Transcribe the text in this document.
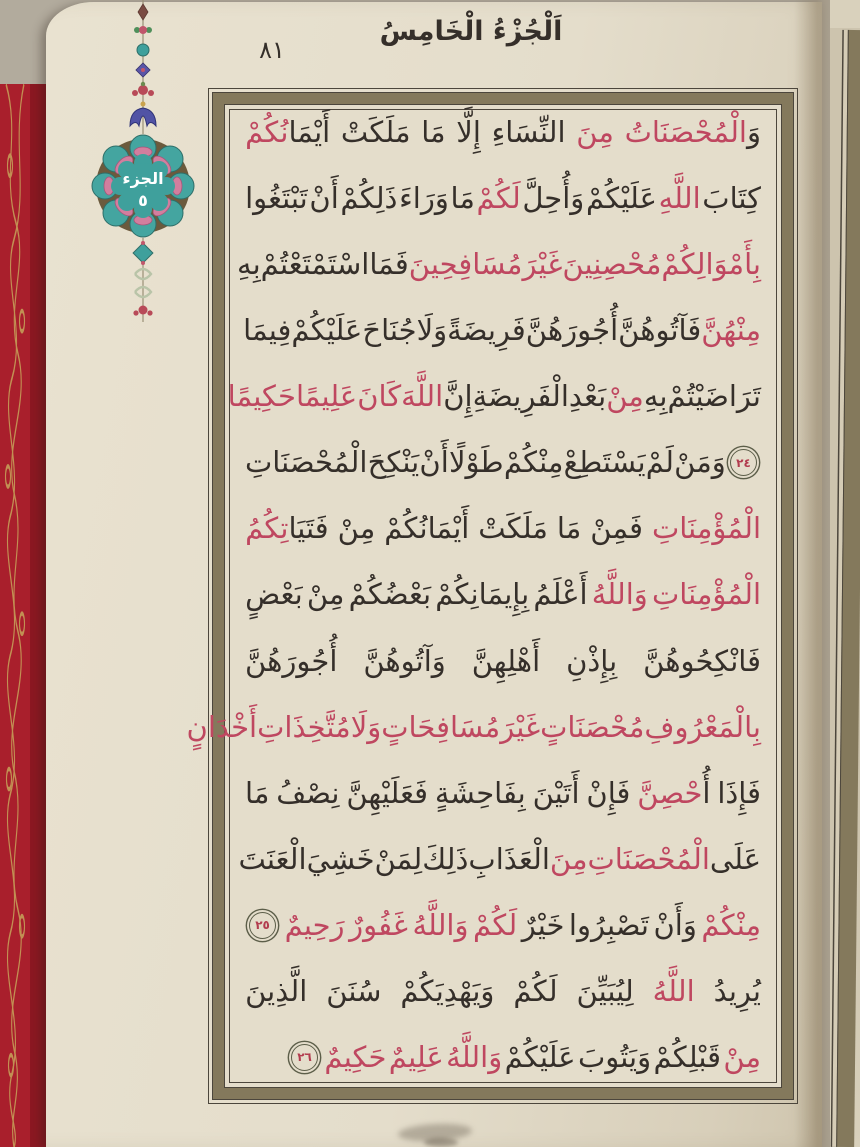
اَلْجُزْءُ الْخَامِسُ
٨١
الجزء
٥
وَالْمُحْصَنَاتُ
مِنَ
النِّسَاءِ
إِلَّا
مَا
مَلَكَتْ
أَيْمَانُكُمْ
كِتَابَ
اللَّهِ
عَلَيْكُمْ
وَأُحِلَّ
لَكُمْ
مَا
وَرَاءَ
ذَلِكُمْ
أَنْ
تَبْتَغُوا
بِأَمْوَالِكُمْ
مُحْصِنِينَ
غَيْرَ
مُسَافِحِينَ
فَمَا
اسْتَمْتَعْتُمْ
بِهِ
مِنْهُنَّ
فَآتُوهُنَّ
أُجُورَهُنَّ
فَرِيضَةً
وَلَا
جُنَاحَ
عَلَيْكُمْ
فِيمَا
تَرَاضَيْتُمْ
بِهِ
مِنْ
بَعْدِ
الْفَرِيضَةِ
إِنَّ
اللَّهَ
كَانَ
عَلِيمًا
حَكِيمًا
٢٤
وَمَنْ
لَمْ
يَسْتَطِعْ
مِنْكُمْ
طَوْلًا
أَنْ
يَنْكِحَ
الْمُحْصَنَاتِ
الْمُؤْمِنَاتِ
فَمِنْ
مَا
مَلَكَتْ
أَيْمَانُكُمْ
مِنْ
فَتَيَاتِكُمُ
الْمُؤْمِنَاتِ
وَاللَّهُ
أَعْلَمُ
بِإِيمَانِكُمْ
بَعْضُكُمْ
مِنْ
بَعْضٍ
فَانْكِحُوهُنَّ
بِإِذْنِ
أَهْلِهِنَّ
وَآتُوهُنَّ
أُجُورَهُنَّ
بِالْمَعْرُوفِ
مُحْصَنَاتٍ
غَيْرَ
مُسَافِحَاتٍ
وَلَا
مُتَّخِذَاتِ
أَخْدَانٍ
فَإِذَا
أُحْصِنَّ
فَإِنْ
أَتَيْنَ
بِفَاحِشَةٍ
فَعَلَيْهِنَّ
نِصْفُ
مَا
عَلَى
الْمُحْصَنَاتِ
مِنَ
الْعَذَابِ
ذَلِكَ
لِمَنْ
خَشِيَ
الْعَنَتَ
مِنْكُمْ
وَأَنْ
تَصْبِرُوا
خَيْرٌ
لَكُمْ
وَاللَّهُ
غَفُورٌ
رَحِيمٌ
٢٥
يُرِيدُ
اللَّهُ
لِيُبَيِّنَ
لَكُمْ
وَيَهْدِيَكُمْ
سُنَنَ
الَّذِينَ
مِنْ
قَبْلِكُمْ
وَيَتُوبَ
عَلَيْكُمْ
وَاللَّهُ
عَلِيمٌ
حَكِيمٌ
٢٦
